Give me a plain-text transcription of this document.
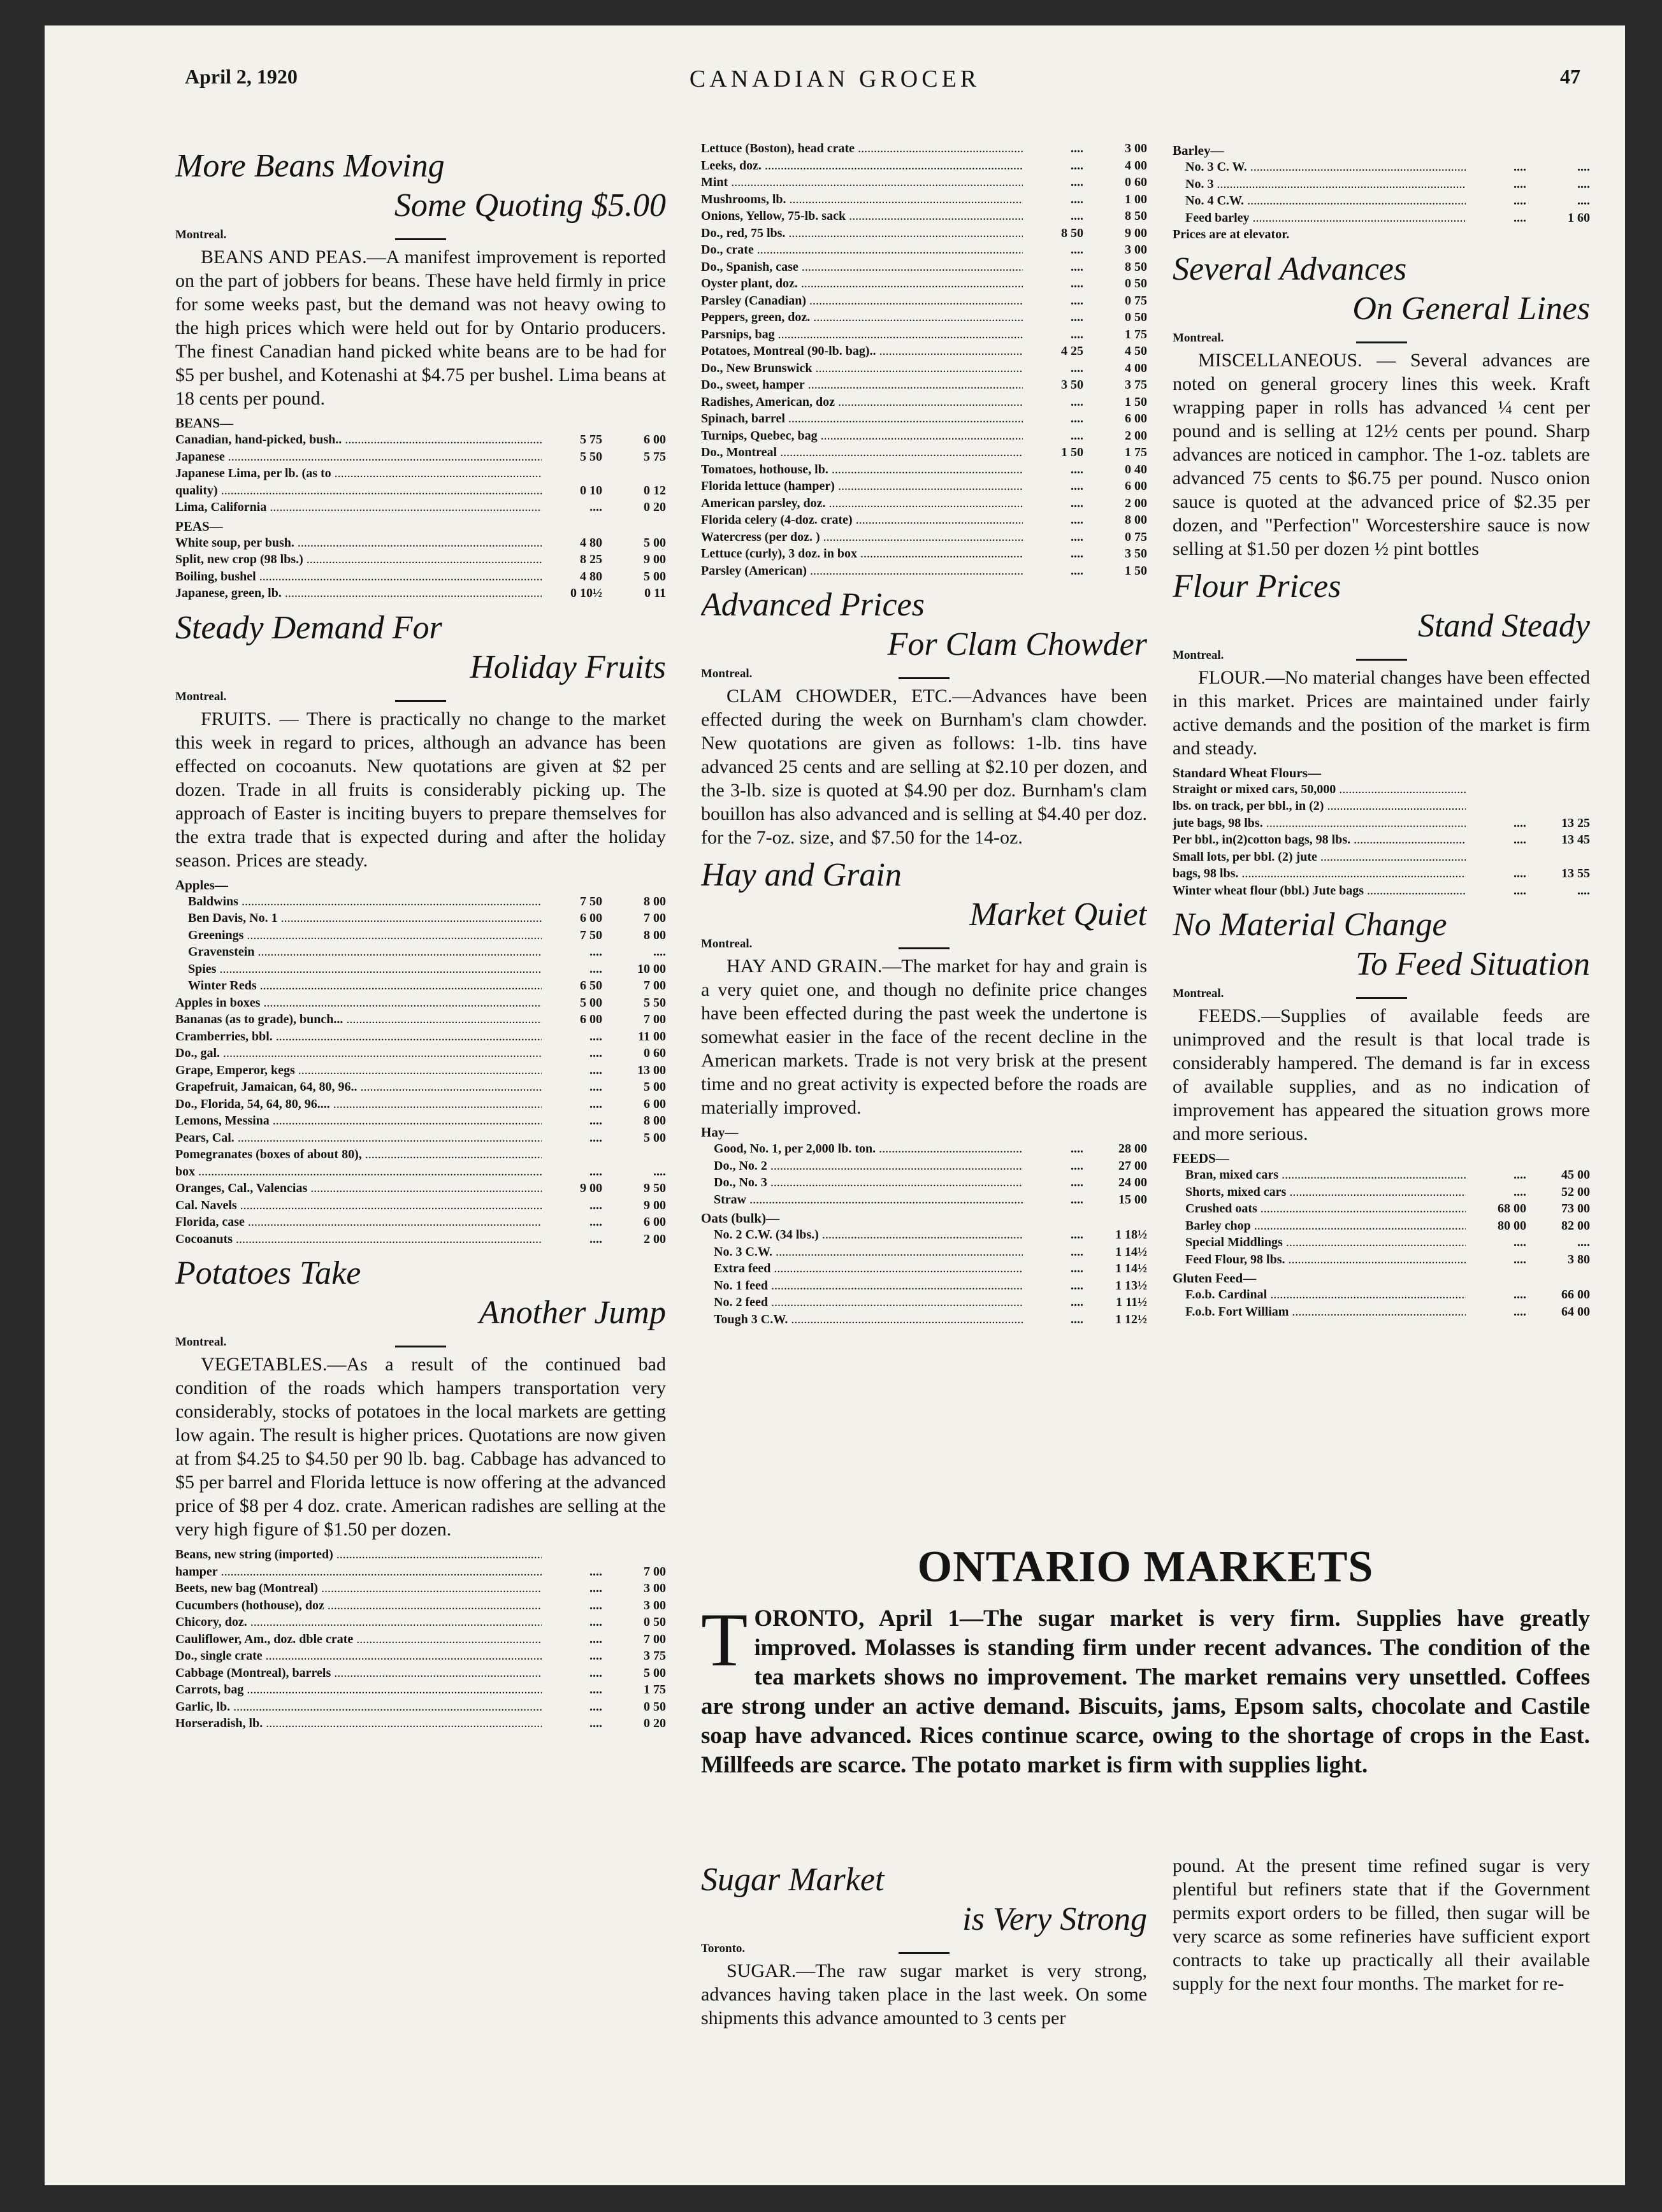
April 2, 1920	CANADIAN GROCER	47
More Beans Moving
Some Quoting $5.00
Montreal.

BEANS AND PEAS.—A manifest improvement is reported on the part of jobbers for beans. These have held firmly in price for some weeks past, but the demand was not heavy owing to the high prices which were held out for by Ontario producers. The finest Canadian hand picked white beans are to be had for $5 per bushel, and Kotenashi at $4.75 per bushel. Lima beans at 18 cents per pound.

BEANS—
Canadian, hand-picked, bush.. .....	5 75	6 00
Japanese .....	5 50	5 75
Japanese Lima, per lb. (as to .....
quality) .....	0 10	0 12
Lima, California .....	....	0 20
PEAS—
White soup, per bush. .....	4 80	5 00
Split, new crop (98 lbs.) .....	8 25	9 00
Boiling, bushel .....	4 80	5 00
Japanese, green, lb. .....	0 10½	0 11
Steady Demand For
Holiday Fruits
Montreal.

FRUITS. — There is practically no change to the market this week in regard to prices, although an advance has been effected on cocoanuts. New quotations are given at $2 per dozen. Trade in all fruits is considerably picking up. The approach of Easter is inciting buyers to prepare themselves for the extra trade that is expected during and after the holiday season. Prices are steady.

Apples—
Baldwins .....	7 50	8 00
Ben Davis, No. 1 .....	6 00	7 00
Greenings .....	7 50	8 00
Gravenstein .....	....	....
Spies .....	....	10 00
Winter Reds .....	6 50	7 00
Apples in boxes .....	5 00	5 50
Bananas (as to grade), bunch... .....	6 00	7 00
Cramberries, bbl. .....	....	11 00
Do., gal. .....	....	0 60
Grape, Emperor, kegs .....	....	13 00
Grapefruit, Jamaican, 64, 80, 96.. .....	....	5 00
Do., Florida, 54, 64, 80, 96.... .....	....	6 00
Lemons, Messina .....	....	8 00
Pears, Cal. .....	....	5 00
Pomegranates (boxes of about 80), .....
box .....	....	....
Oranges, Cal., Valencias .....	9 00	9 50
Cal. Navels .....	....	9 00
Florida, case .....	....	6 00
Cocoanuts .....	....	2 00
Potatoes Take
Another Jump
Montreal.

VEGETABLES.—As a result of the continued bad condition of the roads which hampers transportation very considerably, stocks of potatoes in the local markets are getting low again. The result is higher prices. Quotations are now given at from $4.25 to $4.50 per 90 lb. bag. Cabbage has advanced to $5 per barrel and Florida lettuce is now offering at the advanced price of $8 per 4 doz. crate. American radishes are selling at the very high figure of $1.50 per dozen.

Beans, new string (imported) .....
hamper .....	....	7 00
Beets, new bag (Montreal) .....	....	3 00
Cucumbers (hothouse), doz .....	....	3 00
Chicory, doz. .....	....	0 50
Cauliflower, Am., doz. dble crate .....	....	7 00
Do., single crate .....	....	3 75
Cabbage (Montreal), barrels .....	....	5 00
Carrots, bag .....	....	1 75
Garlic, lb. .....	....	0 50
Horseradish, lb. .....	....	0 20
Lettuce (Boston), head crate .....	....	3 00
Leeks, doz. .....	....	4 00
Mint .....	....	0 60
Mushrooms, lb. .....	....	1 00
Onions, Yellow, 75-lb. sack .....	....	8 50
Do., red, 75 lbs. .....	8 50	9 00
Do., crate .....	....	3 00
Do., Spanish, case .....	....	8 50
Oyster plant, doz. .....	....	0 50
Parsley (Canadian) .....	....	0 75
Peppers, green, doz. .....	....	0 50
Parsnips, bag .....	....	1 75
Potatoes, Montreal (90-lb. bag).. .....	4 25	4 50
Do., New Brunswick .....	....	4 00
Do., sweet, hamper .....	3 50	3 75
Radishes, American, doz .....	....	1 50
Spinach, barrel .....	....	6 00
Turnips, Quebec, bag .....	....	2 00
Do., Montreal .....	1 50	1 75
Tomatoes, hothouse, lb. .....	....	0 40
Florida lettuce (hamper) .....	....	6 00
American parsley, doz. .....	....	2 00
Florida celery (4-doz. crate) .....	....	8 00
Watercress (per doz. ) .....	....	0 75
Lettuce (curly), 3 doz. in box .....	....	3 50
Parsley (American) .....	....	1 50
Advanced Prices
For Clam Chowder
Montreal.

CLAM CHOWDER, ETC.—Advances have been effected during the week on Burnham's clam chowder. New quotations are given as follows: 1-lb. tins have advanced 25 cents and are selling at $2.10 per dozen, and the 3-lb. size is quoted at $4.90 per doz. Burnham's clam bouillon has also advanced and is selling at $4.40 per doz. for the 7-oz. size, and $7.50 for the 14-oz.

Hay and Grain
Market Quiet
Montreal.

HAY AND GRAIN.—The market for hay and grain is a very quiet one, and though no definite price changes have been effected during the past week the undertone is somewhat easier in the face of the recent decline in the American markets. Trade is not very brisk at the present time and no great activity is expected before the roads are materially improved.

Hay—
Good, No. 1, per 2,000 lb. ton. .....	....	28 00
Do., No. 2 .....	....	27 00
Do., No. 3 .....	....	24 00
Straw .....	....	15 00
Oats (bulk)—
No. 2 C.W. (34 lbs.) .....	....	1 18½
No. 3 C.W. .....	....	1 14½
Extra feed .....	....	1 14½
No. 1 feed .....	....	1 13½
No. 2 feed .....	....	1 11½
Tough 3 C.W. .....	....	1 12½
Barley—
No. 3 C. W. .....	....	....
No. 3 .....	....	....
No. 4 C.W. .....	....	....
Feed barley .....	....	1 60
Prices are at elevator.
Several Advances
On General Lines
Montreal.

MISCELLANEOUS. — Several advances are noted on general grocery lines this week. Kraft wrapping paper in rolls has advanced ¼ cent per pound and is selling at 12½ cents per pound. Sharp advances are noticed in camphor. The 1-oz. tablets are advanced 75 cents to $6.75 per pound. Nusco onion sauce is quoted at the advanced price of $2.35 per dozen, and "Perfection" Worcestershire sauce is now selling at $1.50 per dozen ½ pint bottles

Flour Prices
Stand Steady
Montreal.

FLOUR.—No material changes have been effected in this market. Prices are maintained under fairly active demands and the position of the market is firm and steady.

Standard Wheat Flours—
Straight or mixed cars, 50,000 .....
lbs. on track, per bbl., in (2) .....
jute bags, 98 lbs. .....	....	13 25
Per bbl., in(2)cotton bags, 98 lbs. .....	....	13 45
Small lots, per bbl. (2) jute .....
bags, 98 lbs. .....	....	13 55
Winter wheat flour (bbl.) Jute bags .....	....	....
No Material Change
To Feed Situation
Montreal.

FEEDS.—Supplies of available feeds are unimproved and the result is that local trade is considerably hampered. The demand is far in excess of available supplies, and as no indication of improvement has appeared the situation grows more and more serious.

FEEDS—
Bran, mixed cars .....	....	45 00
Shorts, mixed cars .....	....	52 00
Crushed oats .....	68 00	73 00
Barley chop .....	80 00	82 00
Special Middlings .....	....	....
Feed Flour, 98 lbs. .....	....	3 80
Gluten Feed—
F.o.b. Cardinal .....	....	66 00
F.o.b. Fort William .....	....	64 00
ONTARIO MARKETS

TORONTO, April 1—The sugar market is very firm. Supplies have greatly improved. Molasses is standing firm under recent advances. The condition of the tea markets shows no improvement. The market remains very unsettled. Coffees are strong under an active demand. Biscuits, jams, Epsom salts, chocolate and Castile soap have advanced. Rices continue scarce, owing to the shortage of crops in the East. Millfeeds are scarce. The potato market is firm with supplies light.

Sugar Market
is Very Strong
Toronto.

SUGAR.—The raw sugar market is very strong, advances having taken place in the last week. On some shipments this advance amounted to 3 cents per

pound. At the present time refined sugar is very plentiful but refiners state that if the Government permits export orders to be filled, then sugar will be very scarce as some refineries have sufficient export contracts to take up practically all their available supply for the next four months. The market for re-
